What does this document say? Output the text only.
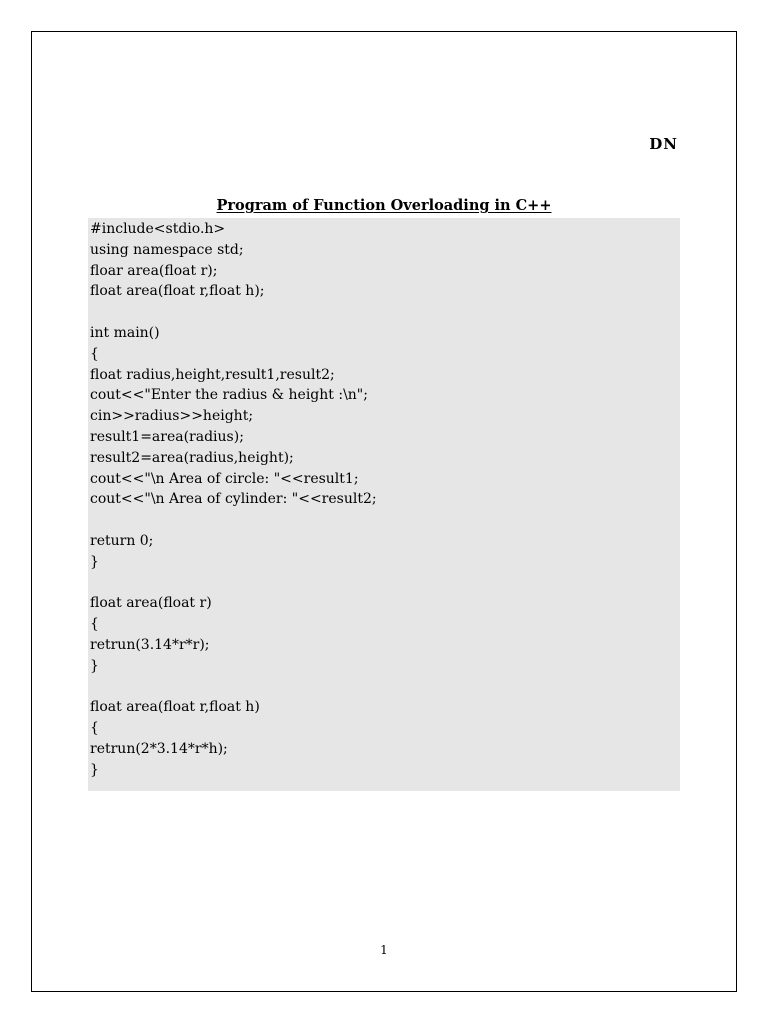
DN
Program of Function Overloading in C++
#include<stdio.h>
using namespace std;
floar area(float r);
float area(float r,float h);
int main()
{
float radius,height,result1,result2;
cout<<"Enter the radius & height :\n";
cin>>radius>>height;
result1=area(radius);
result2=area(radius,height);
cout<<"\n Area of circle: "<<result1;
cout<<"\n Area of cylinder: "<<result2;
return 0;
}
float area(float r)
{
retrun(3.14*r*r);
}
float area(float r,float h)
{
retrun(2*3.14*r*h);
}
1
